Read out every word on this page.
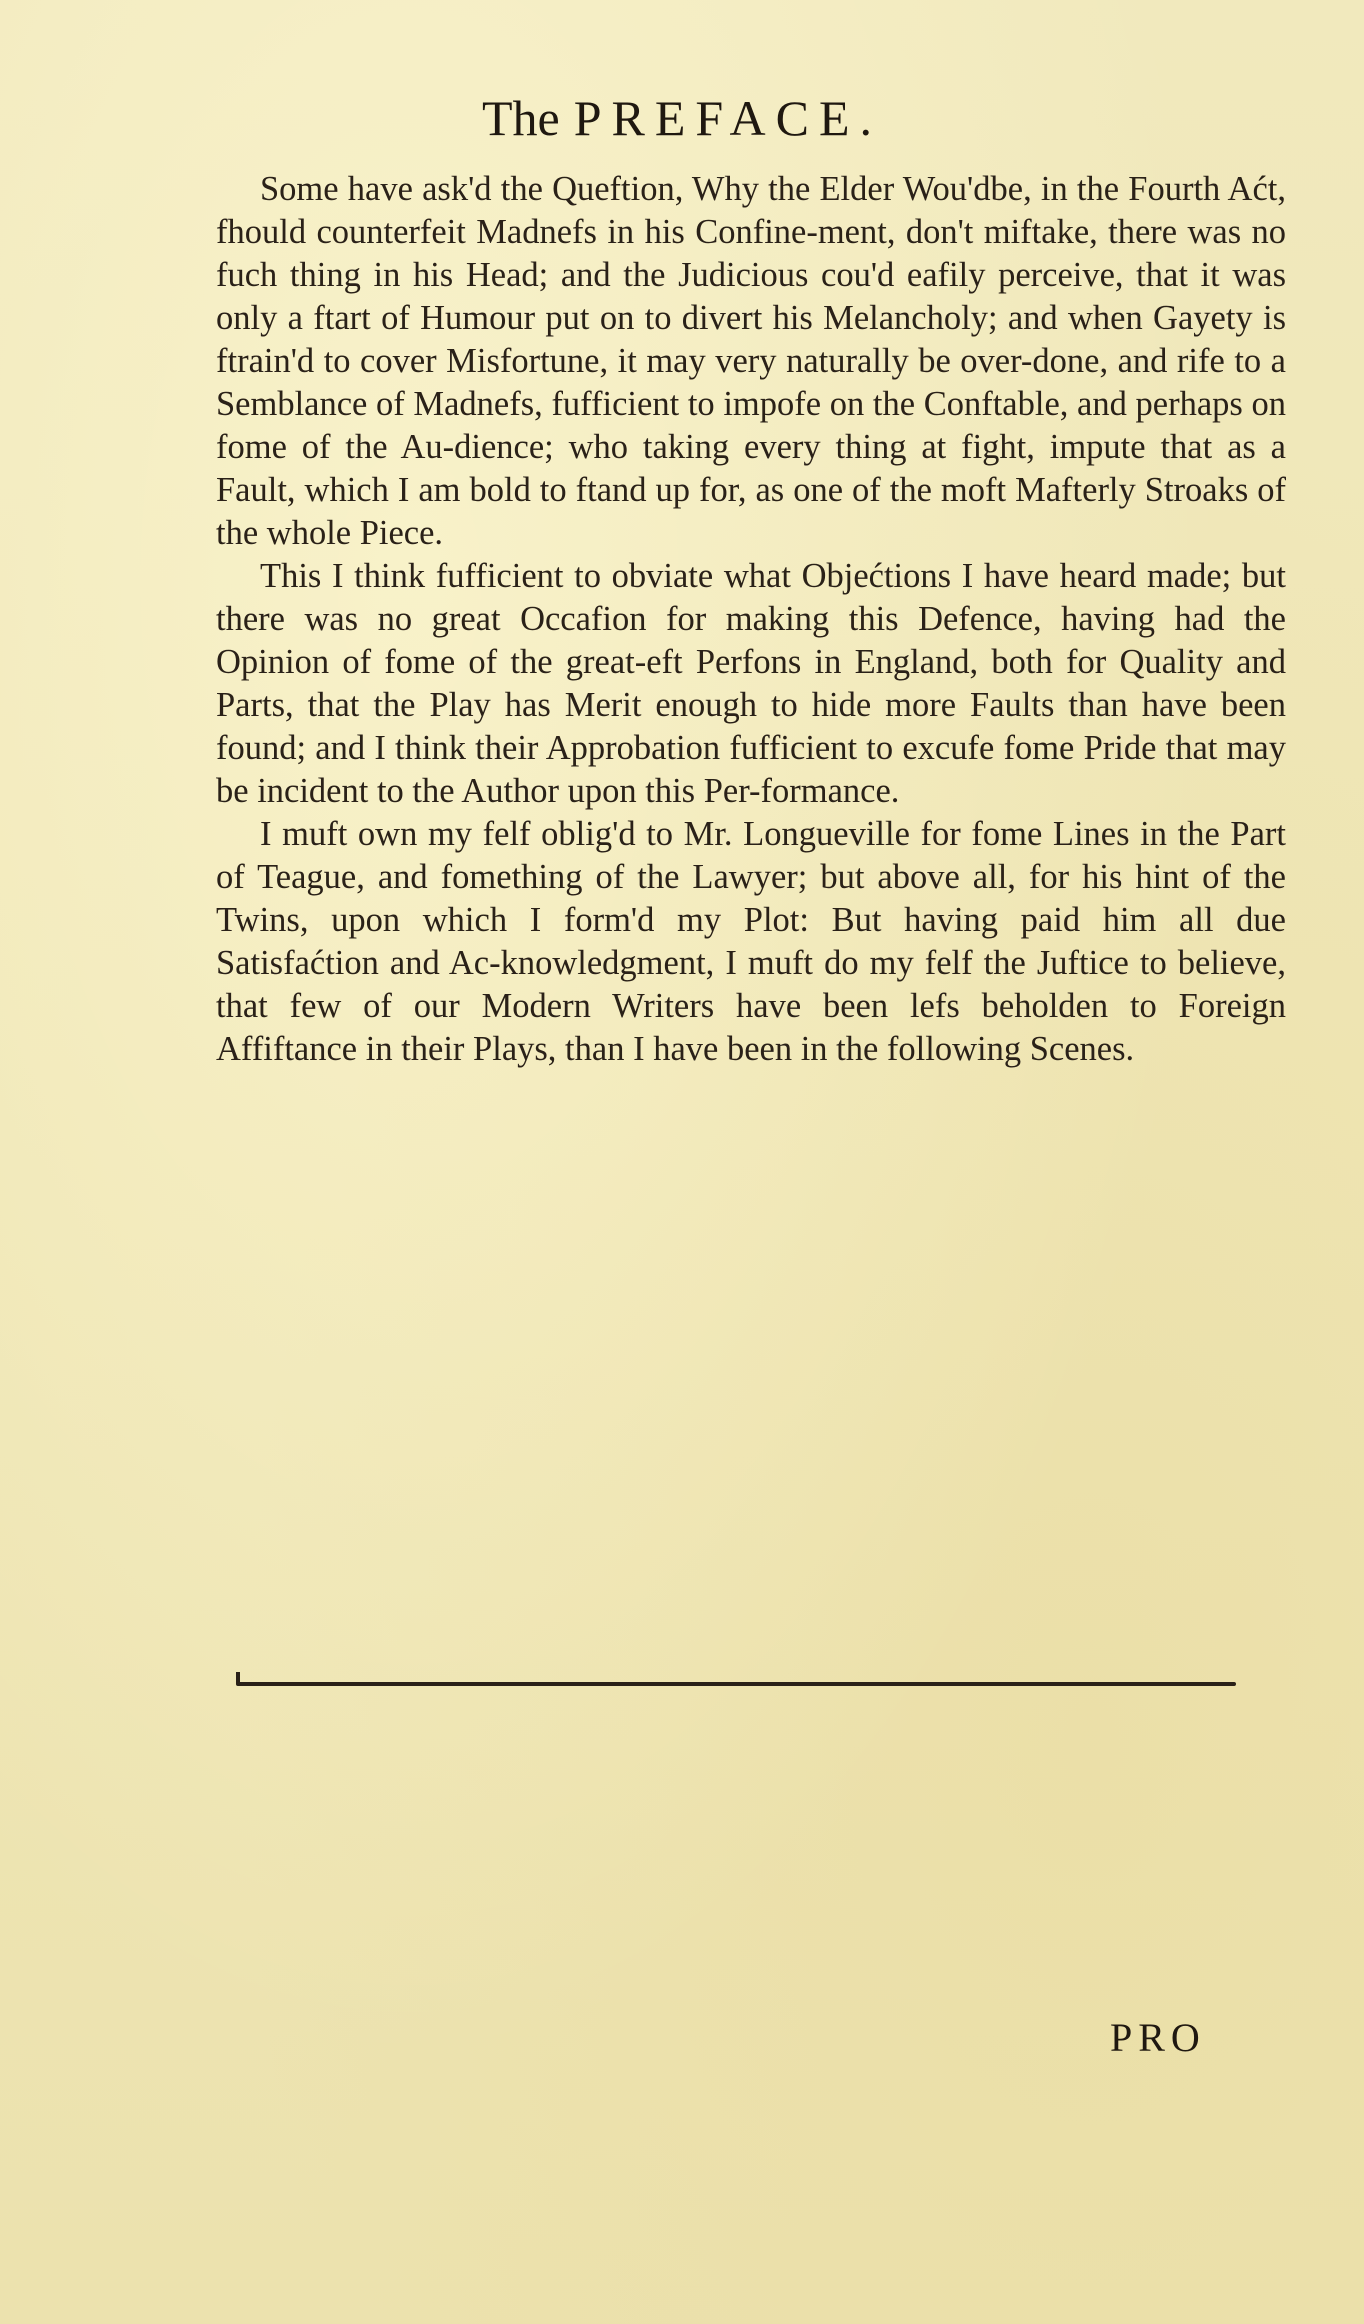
The PREFACE.

Some have ask'd the Queftion, Why the Elder Wou'dbe, in the Fourth Aćt, fhould counterfeit Madnefs in his Confine-ment, don't miftake, there was no fuch thing in his Head; and the Judicious cou'd eafily perceive, that it was only a ftart of Humour put on to divert his Melancholy; and when Gayety is ftrain'd to cover Misfortune, it may very naturally be over-done, and rife to a Semblance of Madnefs, fufficient to impofe on the Conftable, and perhaps on fome of the Au-dience; who taking every thing at fight, impute that as a Fault, which I am bold to ftand up for, as one of the moft Mafterly Stroaks of the whole Piece.

This I think fufficient to obviate what Objećtions I have heard made; but there was no great Occafion for making this Defence, having had the Opinion of fome of the great-eft Perfons in England, both for Quality and Parts, that the Play has Merit enough to hide more Faults than have been found; and I think their Approbation fufficient to excufe fome Pride that may be incident to the Author upon this Per-formance.

I muft own my felf oblig'd to Mr. Longueville for fome Lines in the Part of Teague, and fomething of the Lawyer; but above all, for his hint of the Twins, upon which I form'd my Plot: But having paid him all due Satisfaćtion and Ac-knowledgment, I muft do my felf the Juftice to believe, that few of our Modern Writers have been lefs beholden to Foreign Affiftance in their Plays, than I have been in the following Scenes.

PRO
